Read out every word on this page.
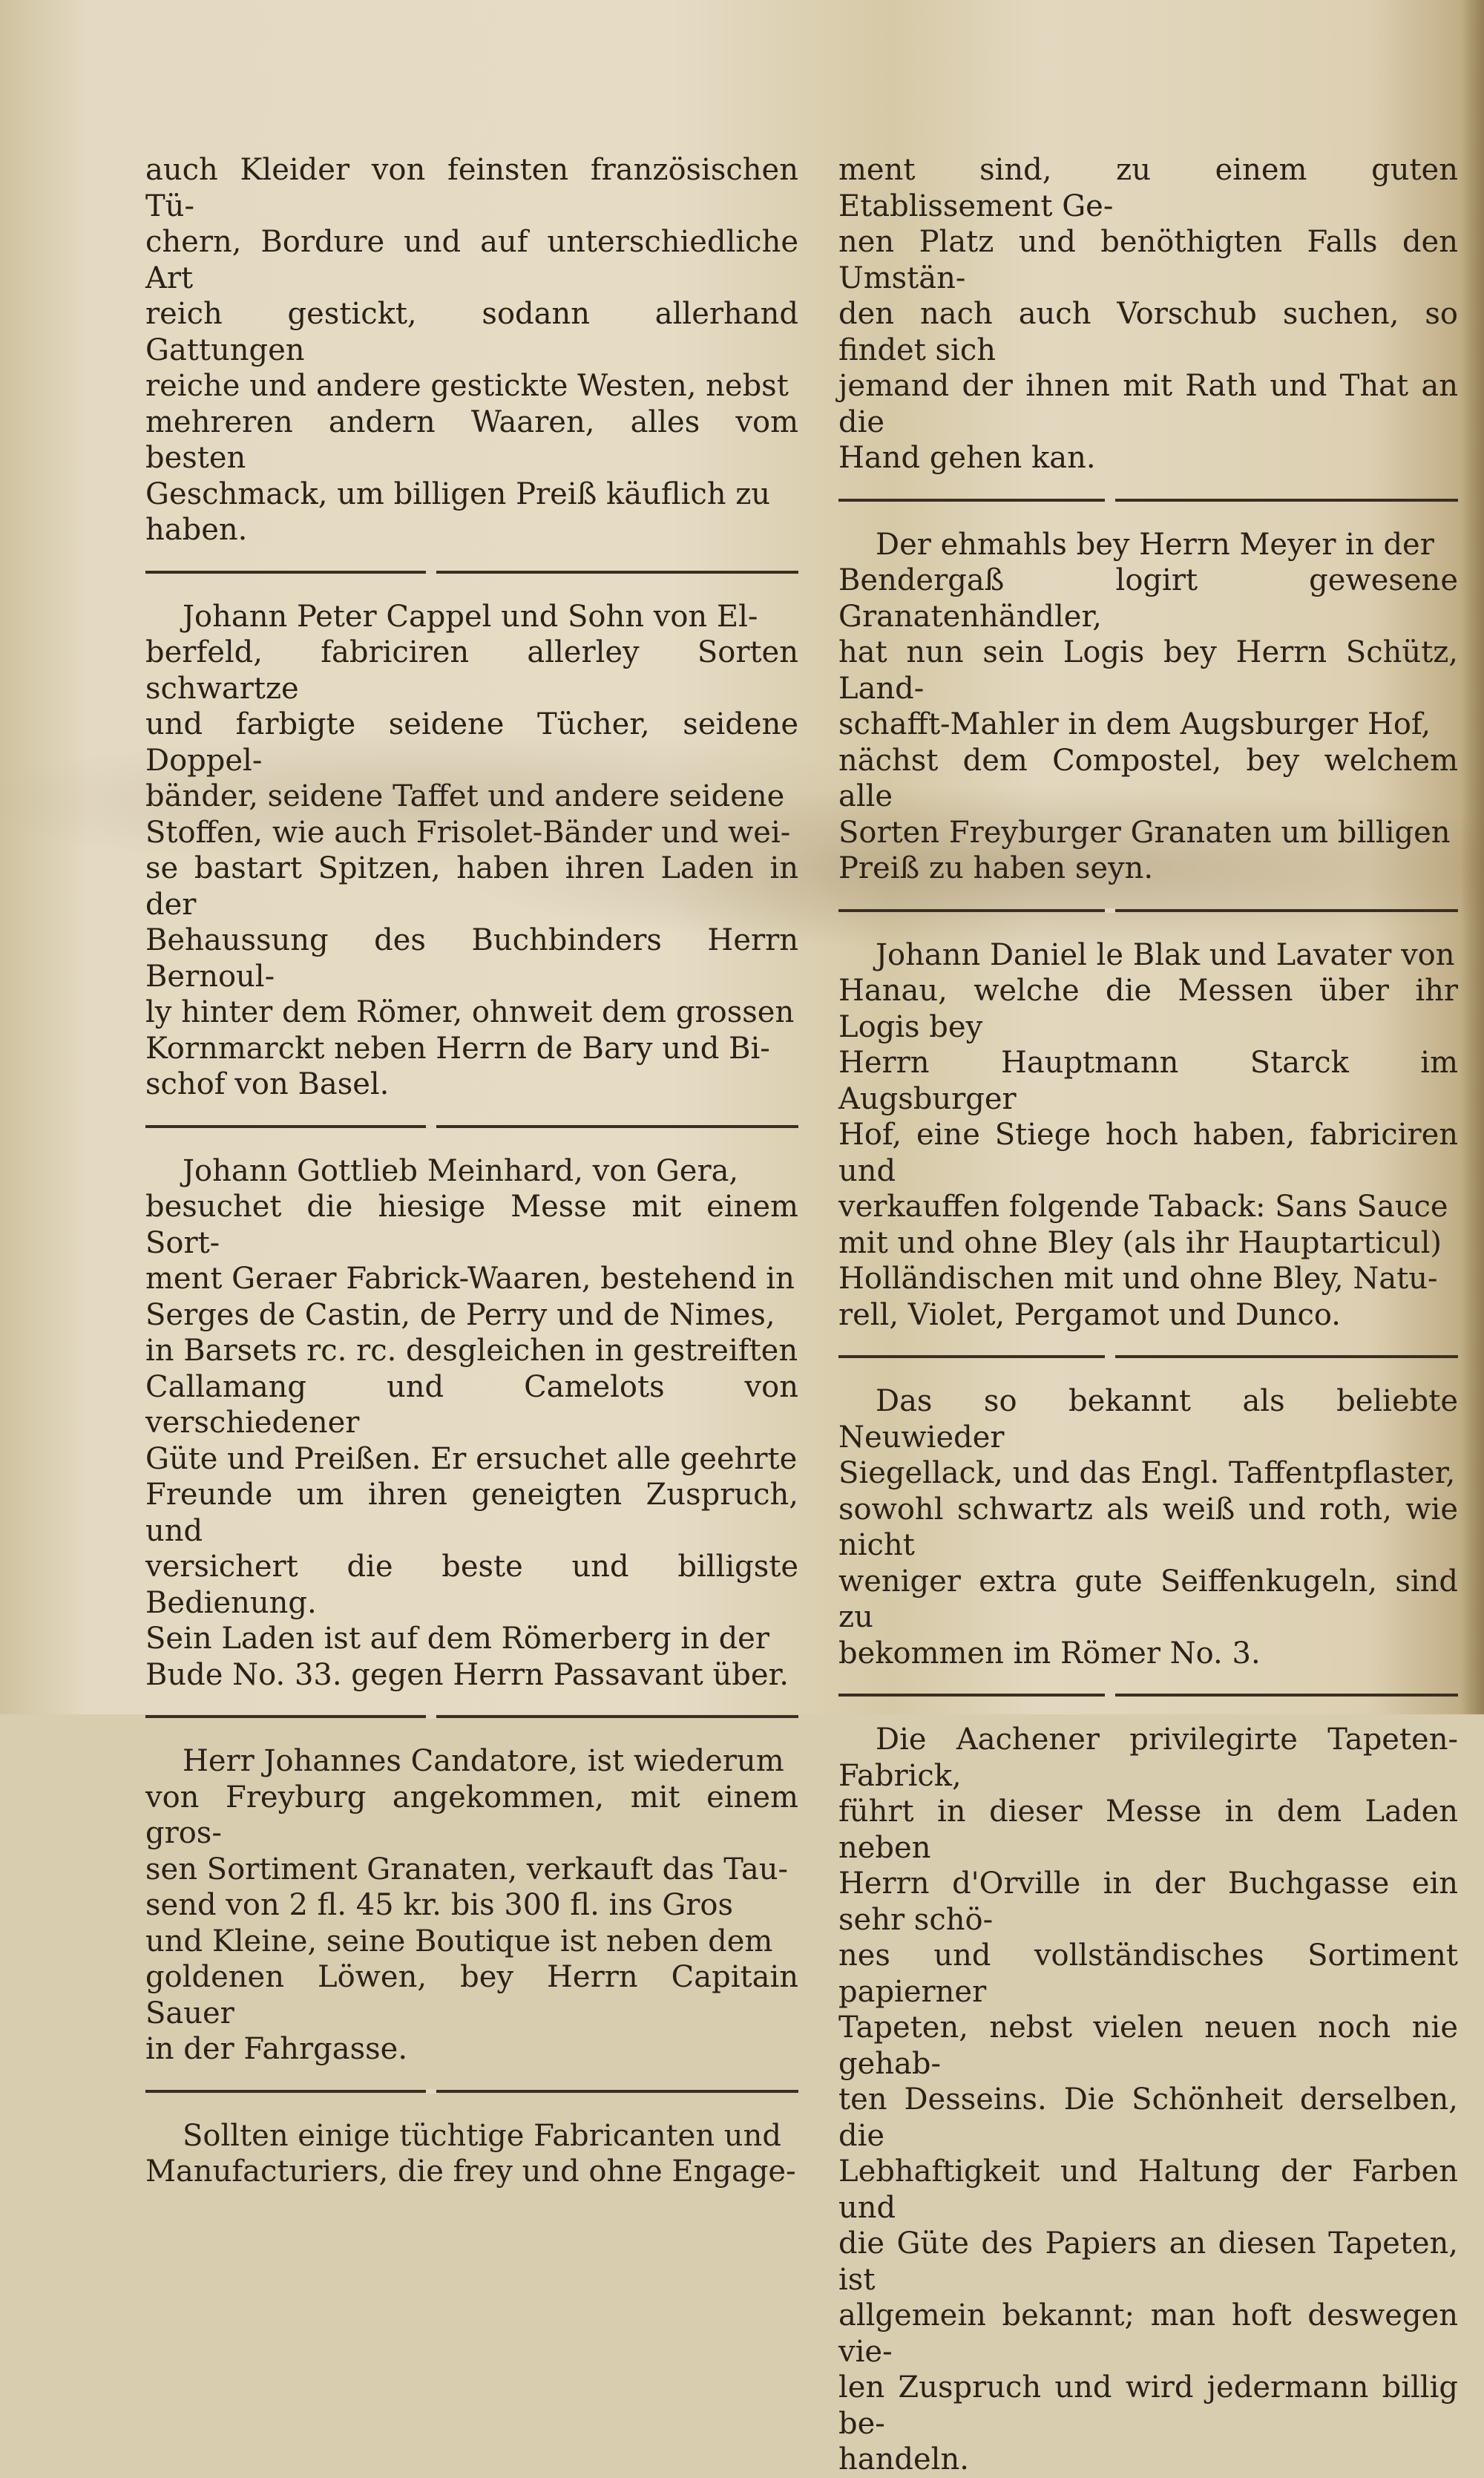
auch Kleider von feinsten französischen Tü-

chern, Bordure und auf unterschiedliche Art

reich gestickt, sodann allerhand Gattungen

reiche und andere gestickte Westen, nebst

mehreren andern Waaren, alles vom besten

Geschmack, um billigen Preiß käuflich zu

haben.

Johann Peter Cappel und Sohn von El-

berfeld, fabriciren allerley Sorten schwartze

und farbigte seidene Tücher, seidene Doppel-

bänder, seidene Taffet und andere seidene

Stoffen, wie auch Frisolet-Bänder und wei-

se bastart Spitzen, haben ihren Laden in der

Behaussung des Buchbinders Herrn Bernoul-

ly hinter dem Römer, ohnweit dem grossen

Kornmarckt neben Herrn de Bary und Bi-

schof von Basel.

Johann Gottlieb Meinhard, von Gera,

besuchet die hiesige Messe mit einem Sort-

ment Geraer Fabrick-Waaren, bestehend in

Serges de Castin, de Perry und de Nimes,

in Barsets rc. rc. desgleichen in gestreiften

Callamang und Camelots von verschiedener

Güte und Preißen. Er ersuchet alle geehrte

Freunde um ihren geneigten Zuspruch, und

versichert die beste und billigste Bedienung.

Sein Laden ist auf dem Römerberg in der

Bude No. 33. gegen Herrn Passavant über.

Herr Johannes Candatore, ist wiederum

von Freyburg angekommen, mit einem gros-

sen Sortiment Granaten, verkauft das Tau-

send von 2 fl. 45 kr. bis 300 fl. ins Gros

und Kleine, seine Boutique ist neben dem

goldenen Löwen, bey Herrn Capitain Sauer

in der Fahrgasse.

Sollten einige tüchtige Fabricanten und

Manufacturiers, die frey und ohne Engage-

ment sind, zu einem guten Etablissement Ge-

nen Platz und benöthigten Falls den Umstän-

den nach auch Vorschub suchen, so findet sich

jemand der ihnen mit Rath und That an die

Hand gehen kan.

Der ehmahls bey Herrn Meyer in der

Bendergaß logirt gewesene Granatenhändler,

hat nun sein Logis bey Herrn Schütz, Land-

schafft-Mahler in dem Augsburger Hof,

nächst dem Compostel, bey welchem alle

Sorten Freyburger Granaten um billigen

Preiß zu haben seyn.

Johann Daniel le Blak und Lavater von

Hanau, welche die Messen über ihr Logis bey

Herrn Hauptmann Starck im Augsburger

Hof, eine Stiege hoch haben, fabriciren und

verkauffen folgende Taback: Sans Sauce

mit und ohne Bley (als ihr Hauptarticul)

Holländischen mit und ohne Bley, Natu-

rell, Violet, Pergamot und Dunco.

Das so bekannt als beliebte Neuwieder

Siegellack, und das Engl. Taffentpflaster,

sowohl schwartz als weiß und roth, wie nicht

weniger extra gute Seiffenkugeln, sind zu

bekommen im Römer No. 3.

Die Aachener privilegirte Tapeten-Fabrick,

führt in dieser Messe in dem Laden neben

Herrn d'Orville in der Buchgasse ein sehr schö-

nes und vollständisches Sortiment papierner

Tapeten, nebst vielen neuen noch nie gehab-

ten Desseins. Die Schönheit derselben, die

Lebhaftigkeit und Haltung der Farben und

die Güte des Papiers an diesen Tapeten, ist

allgemein bekannt; man hoft deswegen vie-

len Zuspruch und wird jedermann billig be-

handeln.
